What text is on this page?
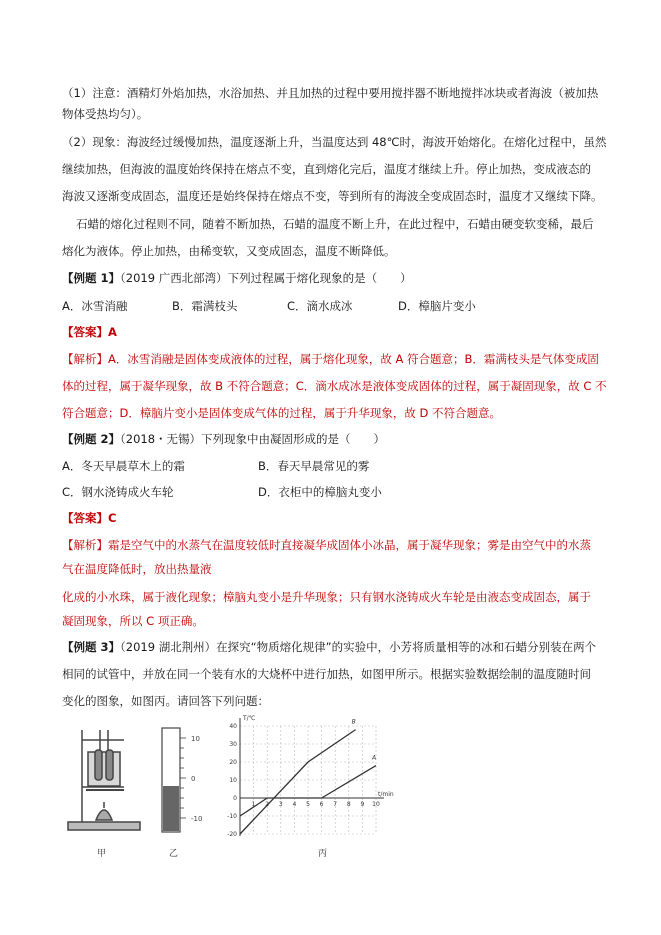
（1）注意：酒精灯外焰加热，水浴加热、并且加热的过程中要用搅拌器不断地搅拌冰块或者海波（被加热
物体受热均匀）。
（2）现象：海波经过缓慢加热，温度逐渐上升，当温度达到 48℃时，海波开始熔化。在熔化过程中，虽然
继续加热，但海波的温度始终保持在熔点不变，直到熔化完后，温度才继续上升。停止加热，变成液态的
海波又逐渐变成固态，温度还是始终保持在熔点不变，等到所有的海波全变成固态时，温度才又继续下降。
石蜡的熔化过程则不同，随着不断加热，石蜡的温度不断上升，在此过程中，石蜡由硬变软变稀，最后
熔化为液体。停止加热，由稀变软，又变成固态，温度不断降低。
【例题 1】（2019 广西北部湾）下列过程属于熔化现象的是（　　）
A．冰雪消融	B．霜满枝头	C．滴水成冰	D．樟脑片变小
【答案】A
【解析】A．冰雪消融是固体变成液体的过程，属于熔化现象，故 A 符合题意；B．霜满枝头是气体变成固
体的过程，属于凝华现象，故 B 不符合题意；C．滴水成冰是液体变成固体的过程，属于凝固现象，故 C 不
符合题意；D．樟脑片变小是固体变成气体的过程，属于升华现象，故 D 不符合题意。
【例题 2】（2018・无锡）下列现象中由凝固形成的是（　　）
A．冬天早晨草木上的霜	B．春天早晨常见的雾
C．钢水浇铸成火车轮	D．衣柜中的樟脑丸变小
【答案】C
【解析】霜是空气中的水蒸气在温度较低时直接凝华成固体小冰晶，属于凝华现象；雾是由空气中的水蒸
气在温度降低时，放出热量液
化成的小水珠，属于液化现象；樟脑丸变小是升华现象；只有钢水浇铸成火车轮是由液态变成固态，属于
凝固现象，所以 C 项正确。
【例题 3】（2019 湖北荆州）在探究“物质熔化规律”的实验中，小芳将质量相等的冰和石蜡分别装在两个
相同的试管中，并放在同一个装有水的大烧杯中进行加热，如图甲所示。根据实验数据绘制的温度随时间
变化的图象，如图丙。请回答下列问题：
甲
10
0
-10
乙
T/℃
t/min
40
30
20
10
0
-10
-20
1 2 3 4 5 6 7 8 9 10
A
B
丙
